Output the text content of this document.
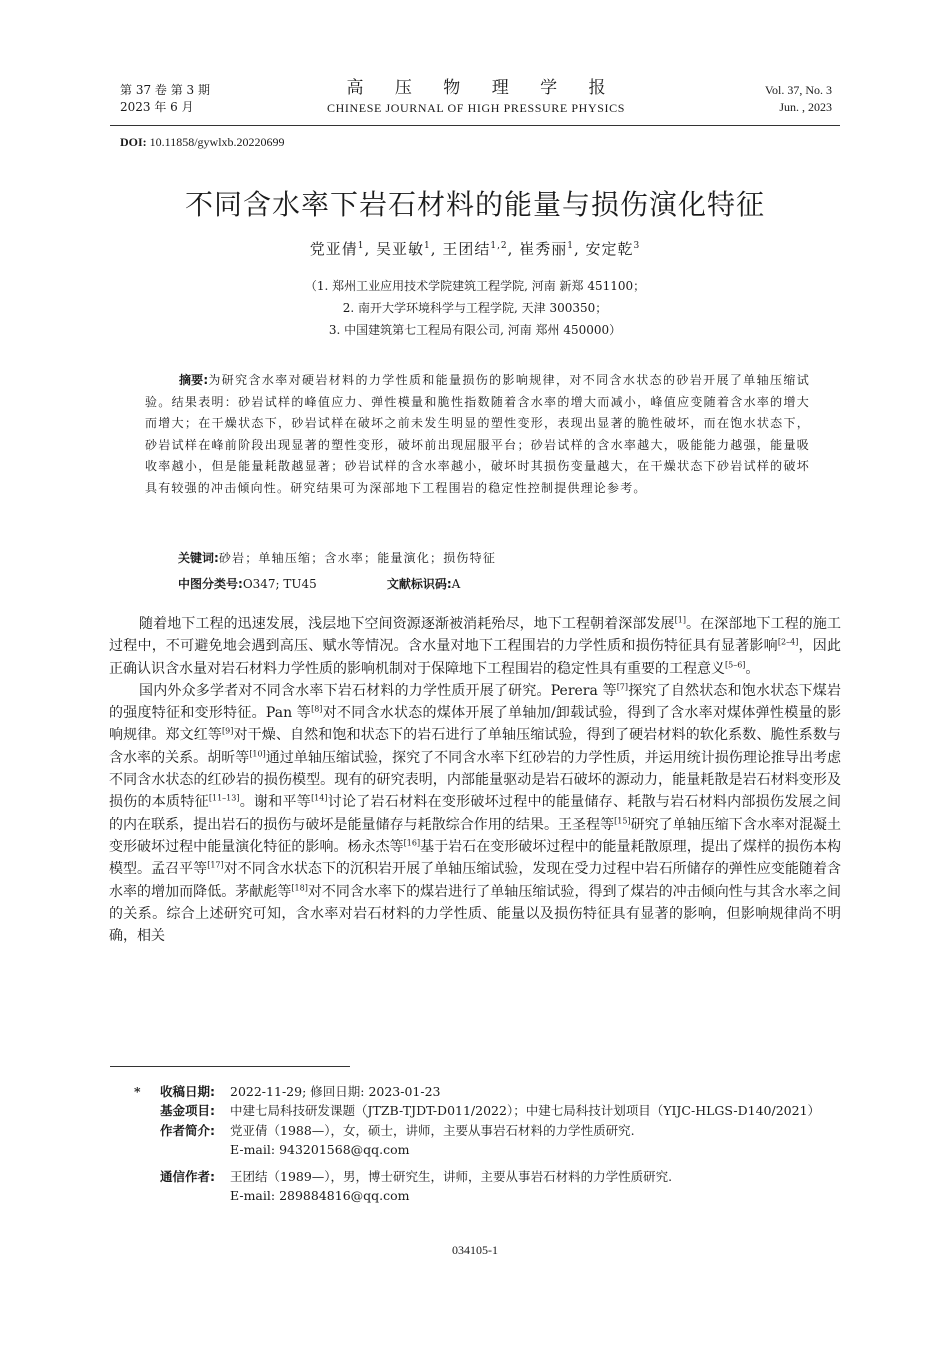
第 37 卷 第 3 期
2023 年 6 月
高 压 物 理 学 报
CHINESE JOURNAL OF HIGH PRESSURE PHYSICS
Vol. 37, No. 3
Jun. , 2023
DOI: 10.11858/gywlxb.20220699
不同含水率下岩石材料的能量与损伤演化特征
党亚倩$^1$, 吴亚敏$^1$, 王团结$^{1,2}$, 崔秀丽$^1$, 安定乾$^3$
（1. 郑州工业应用技术学院建筑工程学院, 河南 新郑 451100；
2. 南开大学环境科学与工程学院, 天津 300350；
3. 中国建筑第七工程局有限公司, 河南 郑州 450000）

摘要:为研究含水率对硬岩材料的力学性质和能量损伤的影响规律，对不同含水状态的砂岩开展了单轴压缩试验。结果表明：砂岩试样的峰值应力、弹性模量和脆性指数随着含水率的增大而减小，峰值应变随着含水率的增大而增大；在干燥状态下，砂岩试样在破坏之前未发生明显的塑性变形，表现出显著的脆性破坏，而在饱水状态下，砂岩试样在峰前阶段出现显著的塑性变形，破坏前出现屈服平台；砂岩试样的含水率越大，吸能能力越强，能量吸收率越小，但是能量耗散越显著；砂岩试样的含水率越小，破坏时其损伤变量越大，在干燥状态下砂岩试样的破坏具有较强的冲击倾向性。研究结果可为深部地下工程围岩的稳定性控制提供理论参考。

关键词:砂岩；单轴压缩；含水率；能量演化；损伤特征
中图分类号:O347; TU45	文献标识码:A

随着地下工程的迅速发展，浅层地下空间资源逐渐被消耗殆尽，地下工程朝着深部发展[1]。在深部地下工程的施工过程中，不可避免地会遇到高压、赋水等情况。含水量对地下工程围岩的力学性质和损伤特征具有显著影响[2–4]，因此正确认识含水量对岩石材料力学性质的影响机制对于保障地下工程围岩的稳定性具有重要的工程意义[5–6]。

国内外众多学者对不同含水率下岩石材料的力学性质开展了研究。Perera 等[7]探究了自然状态和饱水状态下煤岩的强度特征和变形特征。Pan 等[8]对不同含水状态的煤体开展了单轴加/卸载试验，得到了含水率对煤体弹性模量的影响规律。郑文红等[9]对干燥、自然和饱和状态下的岩石进行了单轴压缩试验，得到了硬岩材料的软化系数、脆性系数与含水率的关系。胡昕等[10]通过单轴压缩试验，探究了不同含水率下红砂岩的力学性质，并运用统计损伤理论推导出考虑不同含水状态的红砂岩的损伤模型。现有的研究表明，内部能量驱动是岩石破坏的源动力，能量耗散是岩石材料变形及损伤的本质特征[11–13]。谢和平等[14]讨论了岩石材料在变形破坏过程中的能量储存、耗散与岩石材料内部损伤发展之间的内在联系，提出岩石的损伤与破坏是能量储存与耗散综合作用的结果。王圣程等[15]研究了单轴压缩下含水率对混凝土变形破坏过程中能量演化特征的影响。杨永杰等[16]基于岩石在变形破坏过程中的能量耗散原理，提出了煤样的损伤本构模型。孟召平等[17]对不同含水状态下的沉积岩开展了单轴压缩试验，发现在受力过程中岩石所储存的弹性应变能随着含水率的增加而降低。茅献彪等[18]对不同含水率下的煤岩进行了单轴压缩试验，得到了煤岩的冲击倾向性与其含水率之间的关系。综合上述研究可知，含水率对岩石材料的力学性质、能量以及损伤特征具有显著的影响，但影响规律尚不明确，相关

*	收稿日期:	2022-11-29; 修回日期: 2023-01-23
基金项目:	中建七局科技研发课题（JTZB-TJDT-D011/2022）；中建七局科技计划项目（YIJC-HLGS-D140/2021）
作者简介:	党亚倩（1988—），女，硕士，讲师，主要从事岩石材料的力学性质研究.
E-mail: 943201568@qq.com
通信作者:	王团结（1989—），男，博士研究生，讲师，主要从事岩石材料的力学性质研究.
E-mail: 289884816@qq.com
034105-1
